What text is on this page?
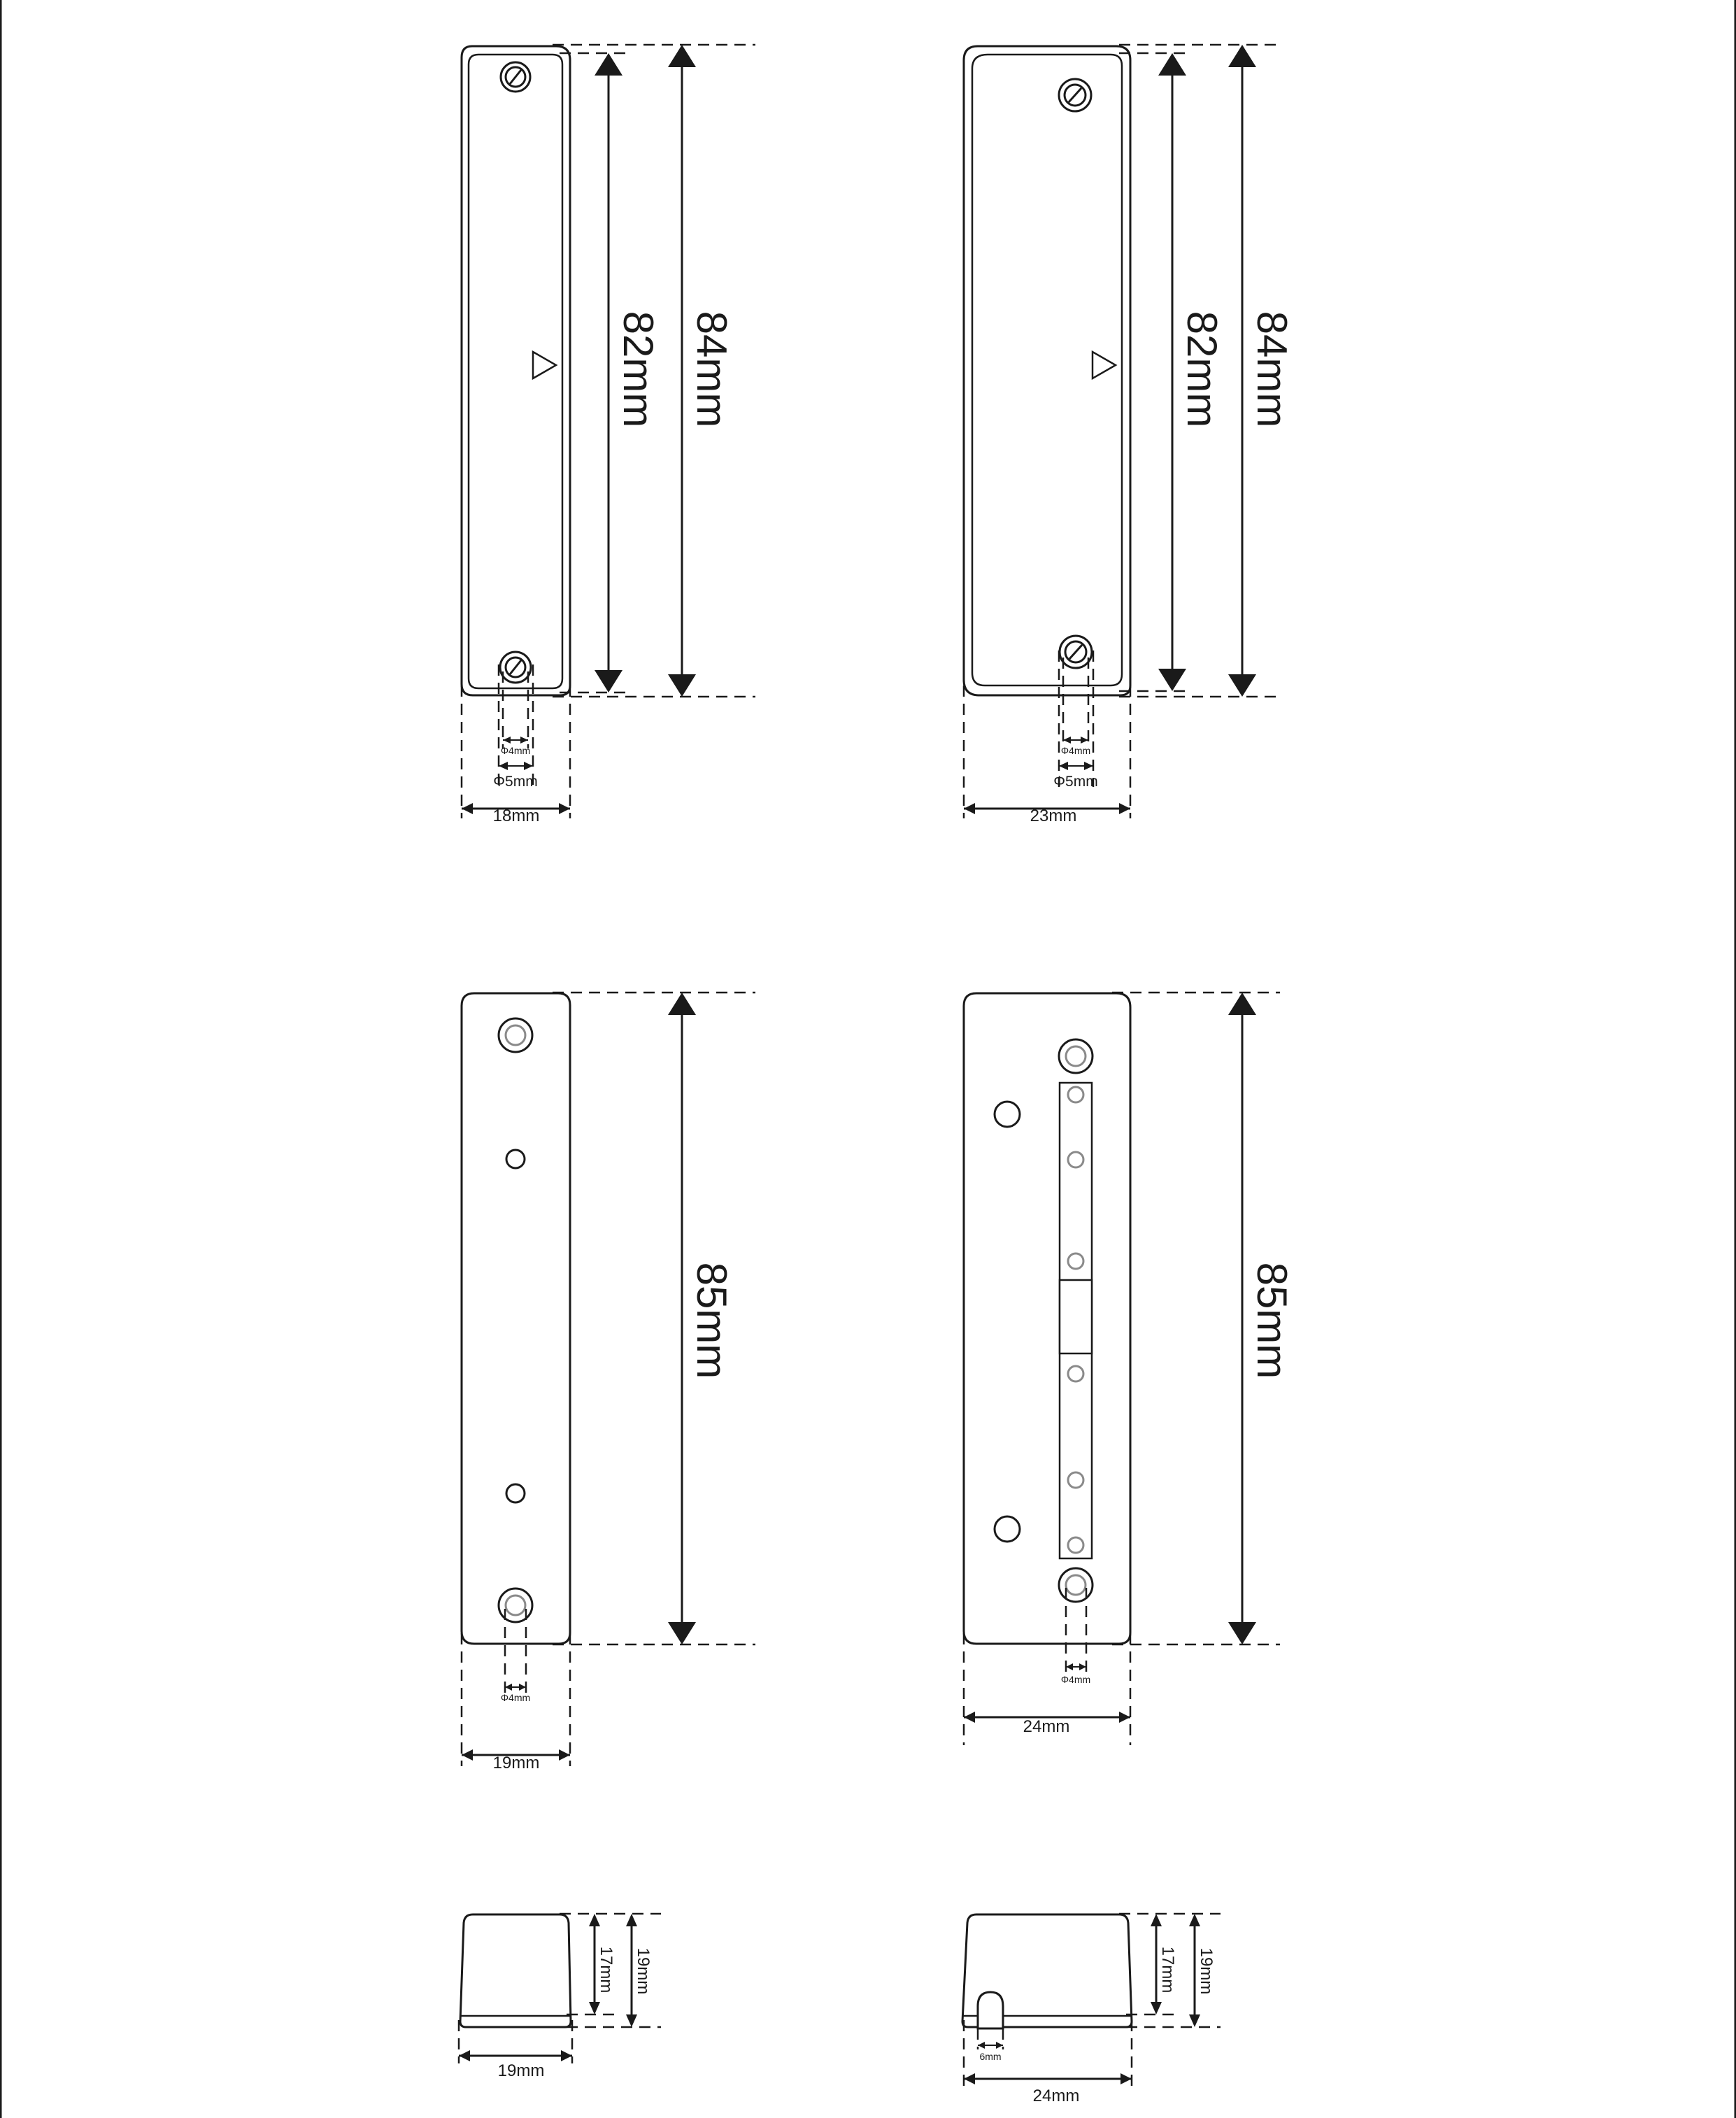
82mm 84mm
Φ4mm
Φ5mm
18mm
82mm 84mm
Φ4mm
Φ5mm
23mm
85mm
Φ4mm
19mm
85mm
Φ4mm
24mm
17mm 19mm
19mm
17mm 19mm
6mm
24mm
